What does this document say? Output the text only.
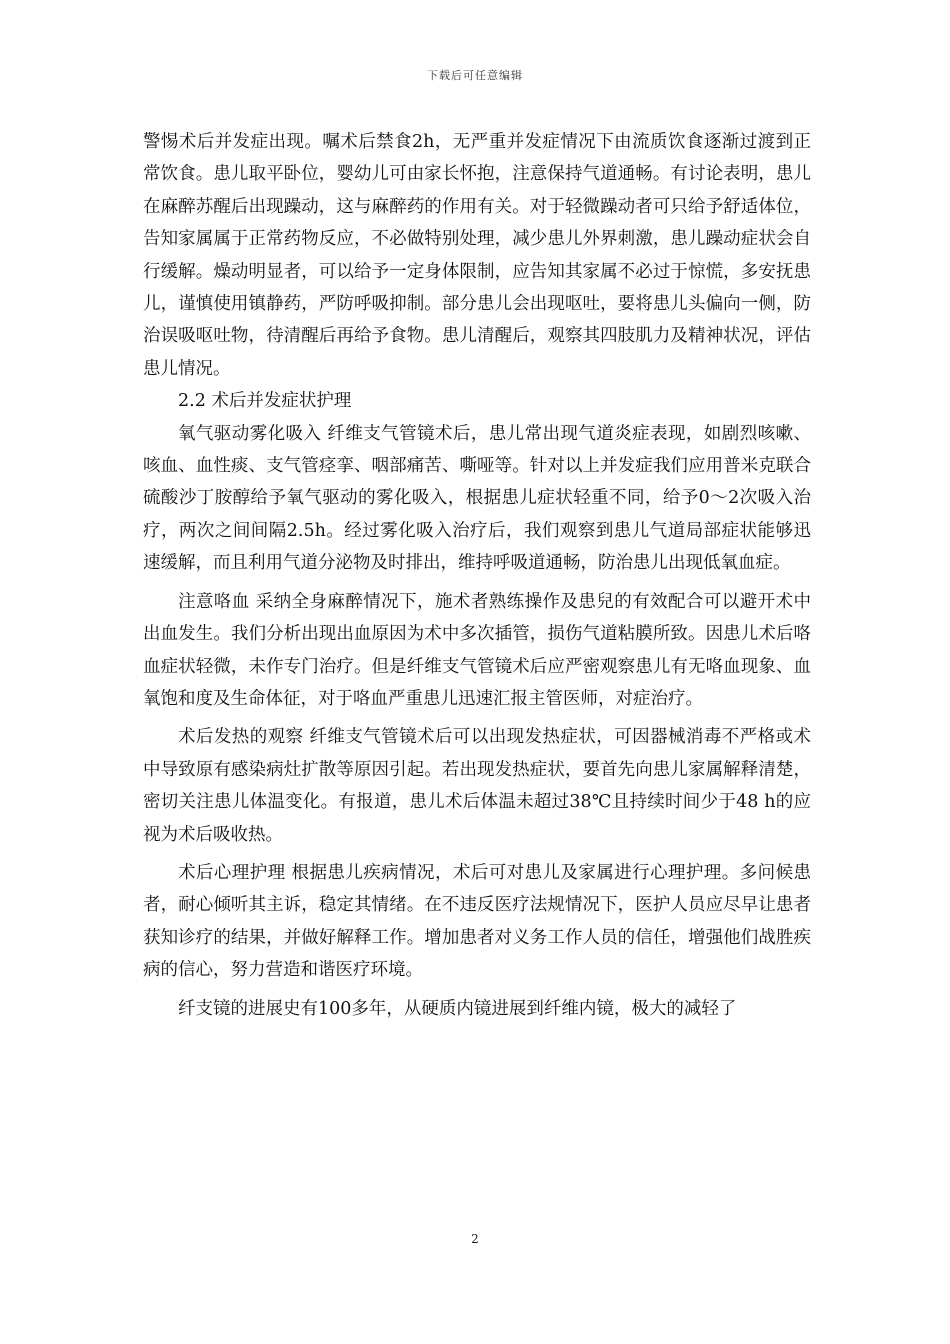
下载后可任意编辑

警惕术后并发症出现。嘱术后禁食2h，无严重并发症情况下由流质饮食逐渐过渡到正常饮食。患儿取平卧位，婴幼儿可由家长怀抱，注意保持气道通畅。有讨论表明，患儿在麻醉苏醒后出现躁动，这与麻醉药的作用有关。对于轻微躁动者可只给予舒适体位，告知家属属于正常药物反应，不必做特别处理，减少患儿外界刺激，患儿躁动症状会自行缓解。燥动明显者，可以给予一定身体限制，应告知其家属不必过于惊慌，多安抚患儿，谨慎使用镇静药，严防呼吸抑制。部分患儿会出现呕吐，要将患儿头偏向一侧，防治误吸呕吐物，待清醒后再给予食物。患儿清醒后，观察其四肢肌力及精神状况，评估患儿情况。

2.2 术后并发症状护理

氧气驱动雾化吸入 纤维支气管镜术后，患儿常出现气道炎症表现，如剧烈咳嗽、咳血、血性痰、支气管痉挛、咽部痛苦、嘶哑等。针对以上并发症我们应用普米克联合硫酸沙丁胺醇给予氧气驱动的雾化吸入，根据患儿症状轻重不同，给予0～2次吸入治疗，两次之间间隔2.5h。经过雾化吸入治疗后，我们观察到患儿气道局部症状能够迅速缓解，而且利用气道分泌物及时排出，维持呼吸道通畅，防治患儿出现低氧血症。

注意咯血 采纳全身麻醉情况下，施术者熟练操作及患兒的有效配合可以避开术中出血发生。我们分析出现出血原因为术中多次插管，损伤气道粘膜所致。因患儿术后咯血症状轻微，未作专门治疗。但是纤维支气管镜术后应严密观察患儿有无咯血现象、血氧饱和度及生命体征，对于咯血严重患儿迅速汇报主管医师，对症治疗。

术后发热的观察 纤维支气管镜术后可以出现发热症状，可因器械消毒不严格或术中导致原有感染病灶扩散等原因引起。若出现发热症状，要首先向患儿家属解释清楚，密切关注患儿体温变化。有报道，患儿术后体温未超过38℃且持续时间少于48 h的应视为术后吸收热。

术后心理护理 根据患儿疾病情况，术后可对患儿及家属进行心理护理。多问候患者，耐心倾听其主诉，稳定其情绪。在不违反医疗法规情况下，医护人员应尽早让患者获知诊疗的结果，并做好解释工作。增加患者对义务工作人员的信任，增强他们战胜疾病的信心，努力营造和谐医疗环境。

纤支镜的进展史有100多年，从硬质内镜进展到纤维内镜，极大的减轻了

2
